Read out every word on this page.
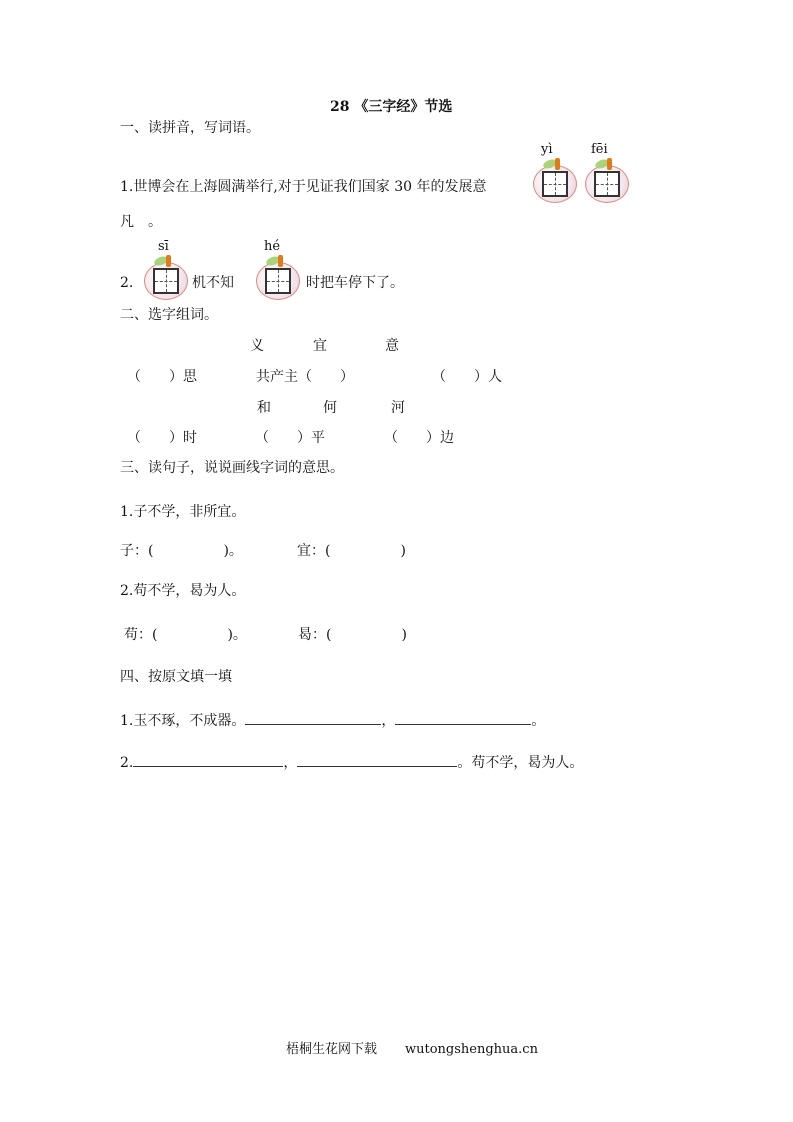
28 《三字经》节选
一、读拼音，写词语。
1.世博会在上海圆满举行,对于见证我们国家 30 年的发展意
yì	fēi
凡　。
2.
sī
机不知
hé
时把车停下了。
二、选字组词。
义	宜	意
（　　）思	共产主（　　）	（　　）人
和	何	河
（　　）时	（　　）平	（　　）边
三、读句子，说说画线字词的意思。
1.子不学，非所宜。
子：(　　　　　)。	宜：(　　　　　)
2.苟不学，曷为人。
苟：(　　　　　)。	曷：(　　　　　)
四、按原文填一填
1.玉不琢，不成器。	，	。
2.	，	。苟不学，曷为人。
梧桐生花网下载 wutongshenghua.cn
